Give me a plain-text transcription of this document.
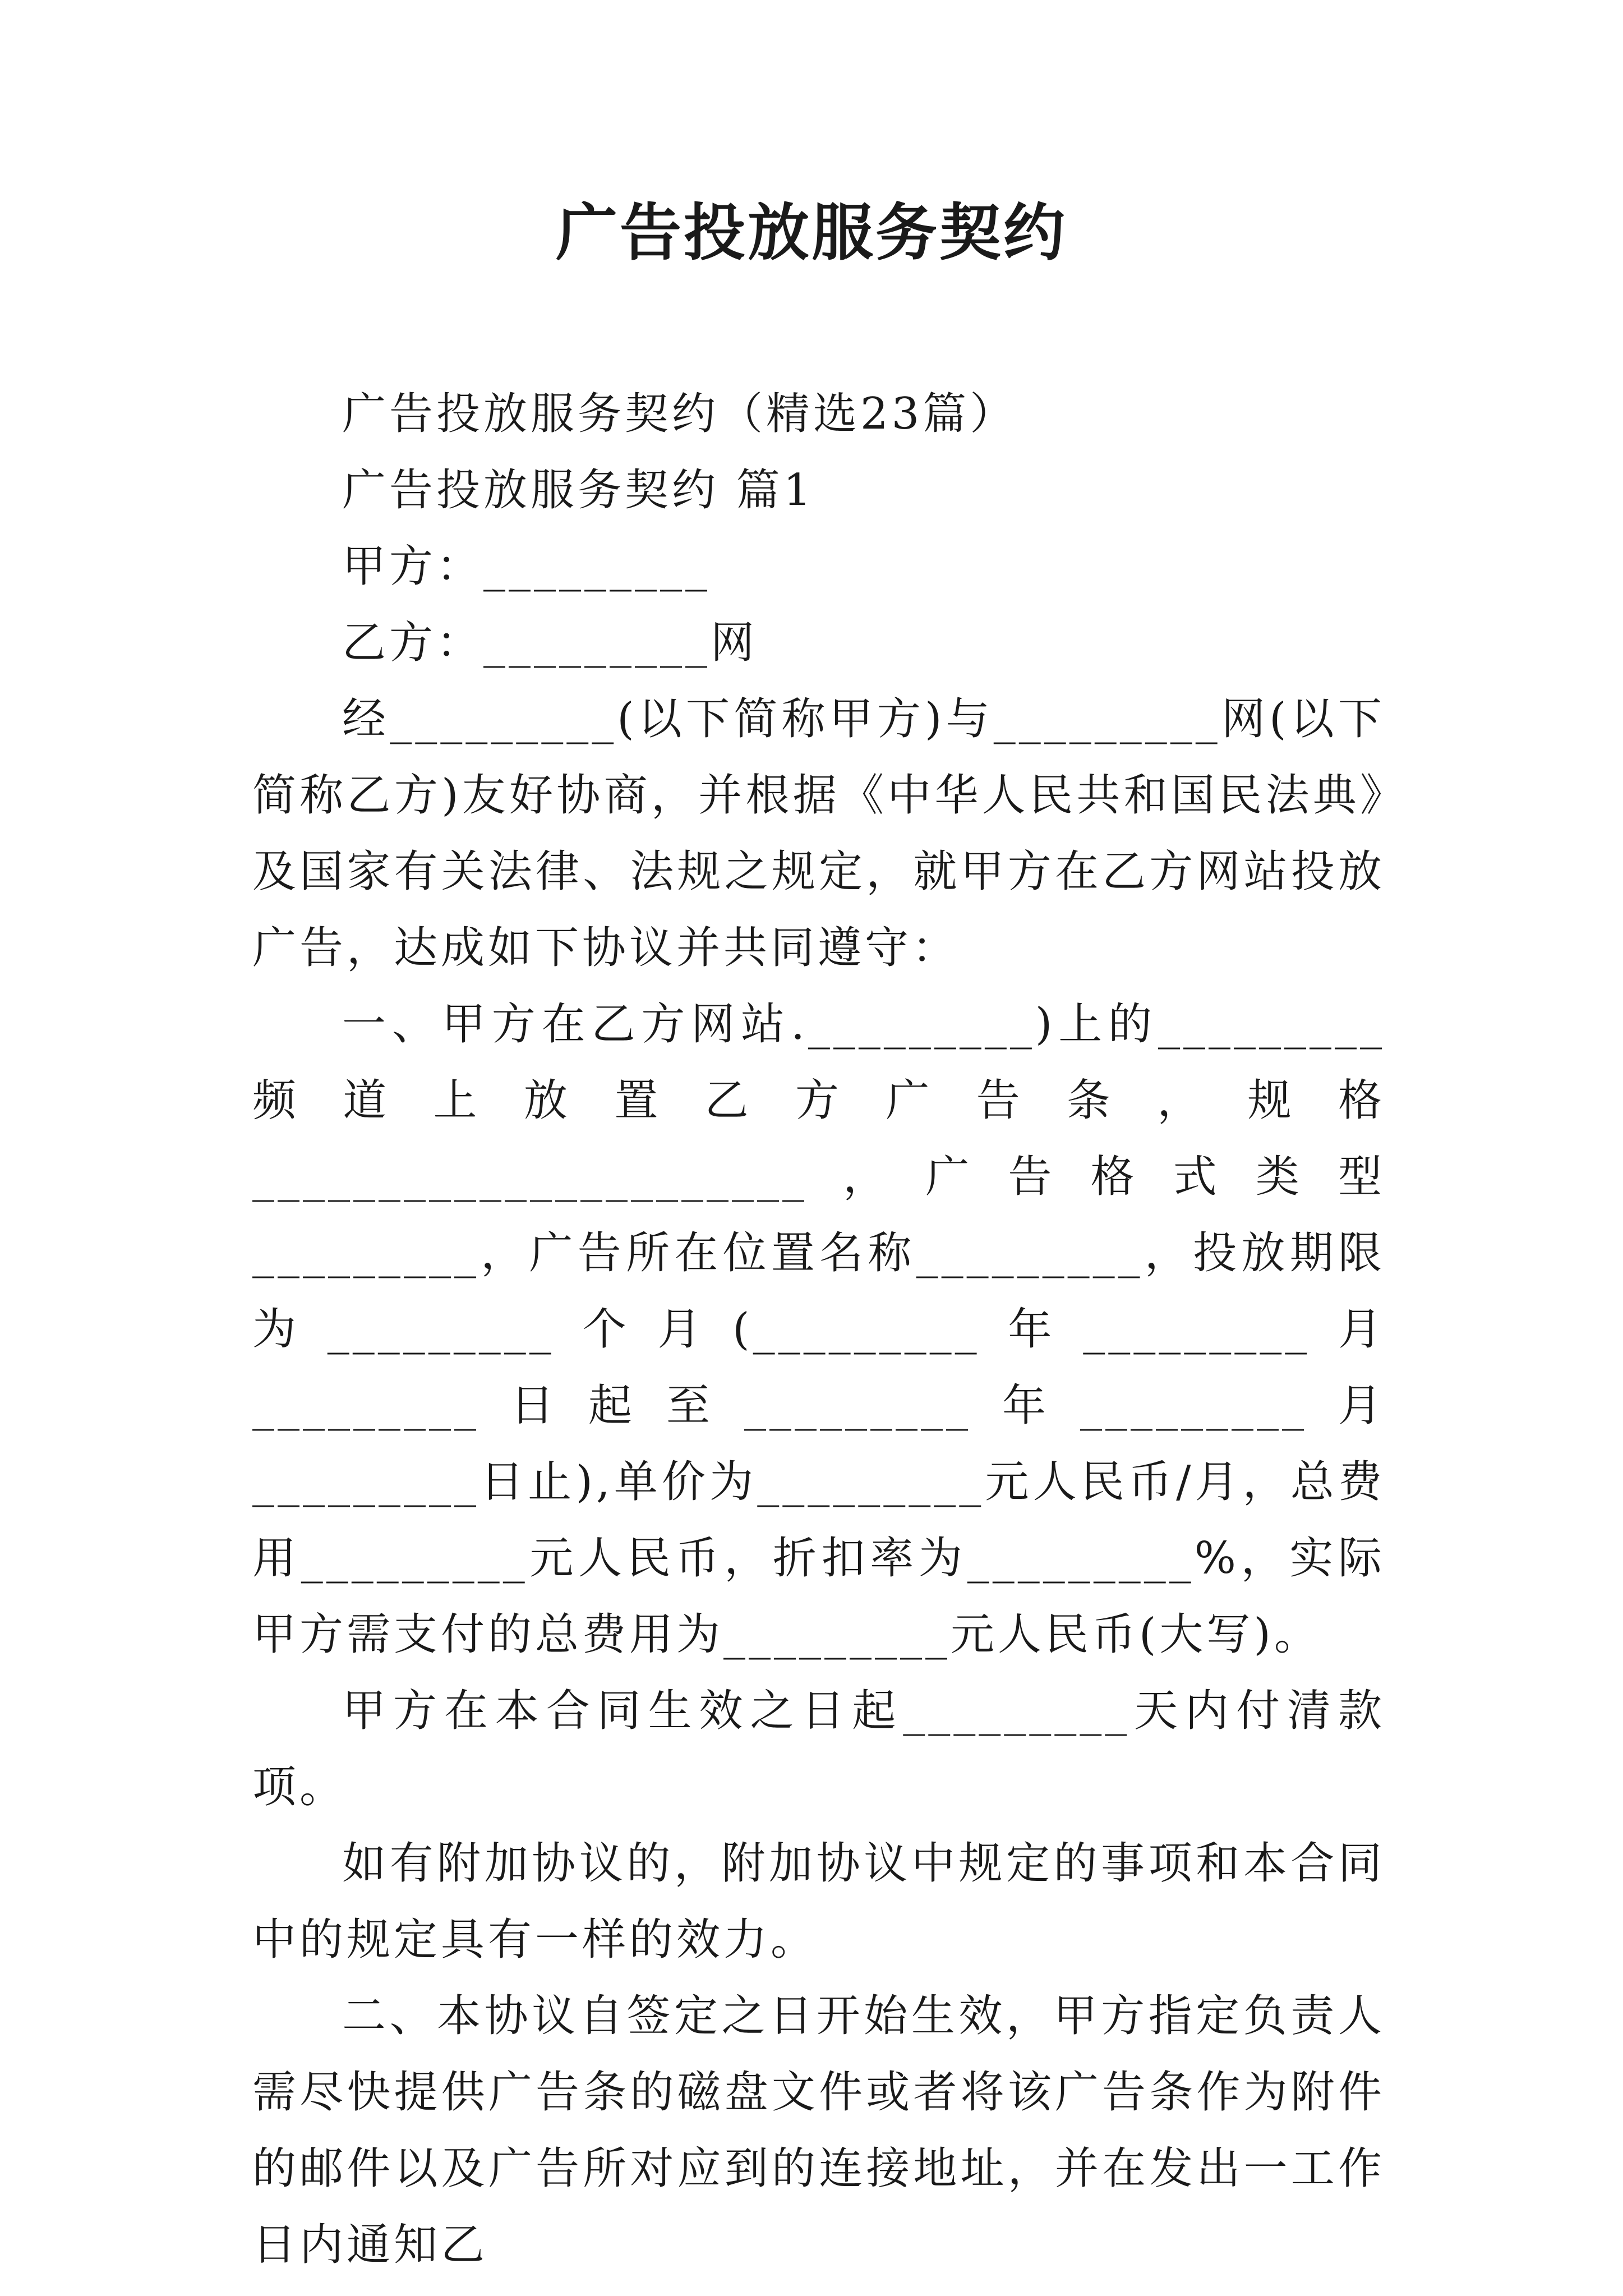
广告投放服务契约

广告投放服务契约（精选23篇）

广告投放服务契约 篇1

甲方：_________

乙方：_________网

经_________(以下简称甲方)与_________网(以下简称乙方)友好协商，并根据《中华人民共和国民法典》及国家有关法律、法规之规定，就甲方在乙方网站投放广告，达成如下协议并共同遵守：

一、甲方在乙方网站._________)上的_________频道上放置乙方广告条，规格______________________，广告格式类型_________，广告所在位置名称_________，投放期限为_________个月(_________年_________月_________日起至_________年_________月_________日止),单价为_________元人民币/月，总费用_________元人民币，折扣率为_________%，实际甲方需支付的总费用为_________元人民币(大写)。

甲方在本合同生效之日起_________天内付清款项。

如有附加协议的，附加协议中规定的事项和本合同中的规定具有一样的效力。

二、本协议自签定之日开始生效，甲方指定负责人需尽快提供广告条的磁盘文件或者将该广告条作为附件的邮件以及广告所对应到的连接地址，并在发出一工作日内通知乙
